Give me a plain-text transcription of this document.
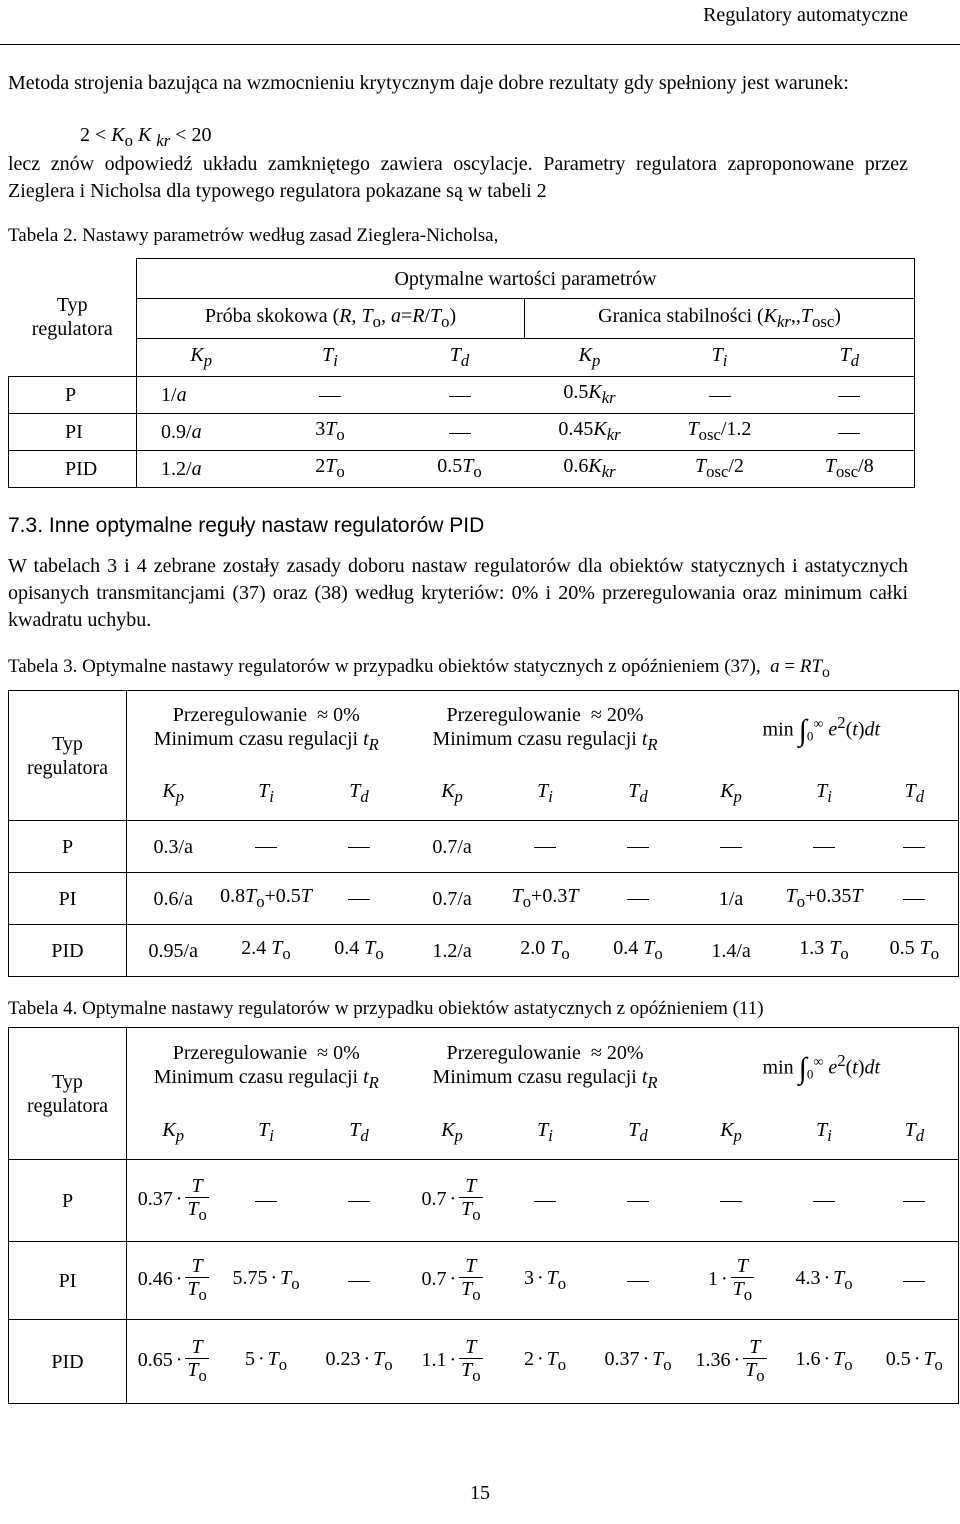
Regulatory automatyczne
Metoda strojenia bazująca na wzmocnieniu krytycznym daje dobre rezultaty gdy spełniony jest warunek:
$2 < K_o$ K $_{kr}$ < 20
lecz znów odpowiedź układu zamkniętego zawiera oscylacje. Parametry regulatora zaproponowane przez Zieglera i Nicholsa dla typowego regulatora pokazane są w tabeli 2
Tabela 2. Nastawy parametrów według zasad Zieglera-Nicholsa,
Typ
regulatora	Optymalne wartości parametrów					
	Próba skokowa (R, $T_o$, $a=R/T_o$)			Granica stabilności $(K_{kr},,T_{osc})$		
	$K_p$	$T_i$	$T_d$	$K_p$	$T_i$	$T_d$
P	1/a			$0.5K_{kr}$		
PI	0.9/a	$3T_o$		$0.45K_{kr}$	$T_{osc}/1.2$	
PID	1.2/a	$2T_o$	$0.5T_o$	$0.6K_{kr}$	$T_{osc}/2$	$T_{osc}/8$
7.3. Inne optymalne reguły nastaw regulatorów PID
W tabelach 3 i 4 zebrane zostały zasady doboru nastaw regulatorów dla obiektów statycznych i astatycznych opisanych transmitancjami (37) oraz (38) według kryteriów: 0% i 20% przeregulowania oraz minimum całki kwadratu uchybu.
Tabela 3. Optymalne nastawy regulatorów w przypadku obiektów statycznych z opóźnieniem (37), $a = RT_o$
Typ
regulatora	Przeregulowanie  ≈ 0%
Minimum czasu regulacji $t_R$			Przeregulowanie  ≈ 20%
Minimum czasu regulacji $t_R$			$\min \int_0^\infty$ $e^2(t)dt$		
	$K_p$	$T_i$	$T_d$	$K_p$	$T_i$	$T_d$	$K_p$	$T_i$	$T_d$
P	0.3/a			0.7/a					
PI	0.6/a	$0.8T_o+0.5T$		0.7/a	$T_o+0.3T$		1/a	$T_o+0.35T$	
PID	0.95/a	2.4 $T_o$	0.4 $T_o$	1.2/a	2.0 $T_o$	0.4 $T_o$	1.4/a	1.3 $T_o$	0.5 $T_o$
Tabela 4. Optymalne nastawy regulatorów w przypadku obiektów astatycznych z opóźnieniem (11)
Typ
regulatora	Przeregulowanie  ≈ 0%
Minimum czasu regulacji $t_R$			Przeregulowanie  ≈ 20%
Minimum czasu regulacji $t_R$			$\min \int_0^\infty$ $e^2(t)dt$		
	$K_p$	$T_i$	$T_d$	$K_p$	$T_i$	$T_d$	$K_p$	$T_i$	$T_d$
P	$0.37 \cdot \frac{T}{T_o}$			$0.7 \cdot \frac{T}{T_o}$

PI	$0.46 \cdot \frac{T}{T_o}$	$5.75 \cdot T_o$		$0.7 \cdot \frac{T}{T_o}$	$3 \cdot T_o$		$1 \cdot \frac{T}{T_o}$	$4.3 \cdot T_o$	
PID	$0.65 \cdot \frac{T}{T_o}$	$5 \cdot T_o$	$0.23 \cdot T_o$	$1.1 \cdot \frac{T}{T_o}$	$2 \cdot T_o$	$0.37 \cdot T_o$	$1.36 \cdot \frac{T}{T_o}$	$1.6 \cdot T_o$	$0.5 \cdot T_o$
15
